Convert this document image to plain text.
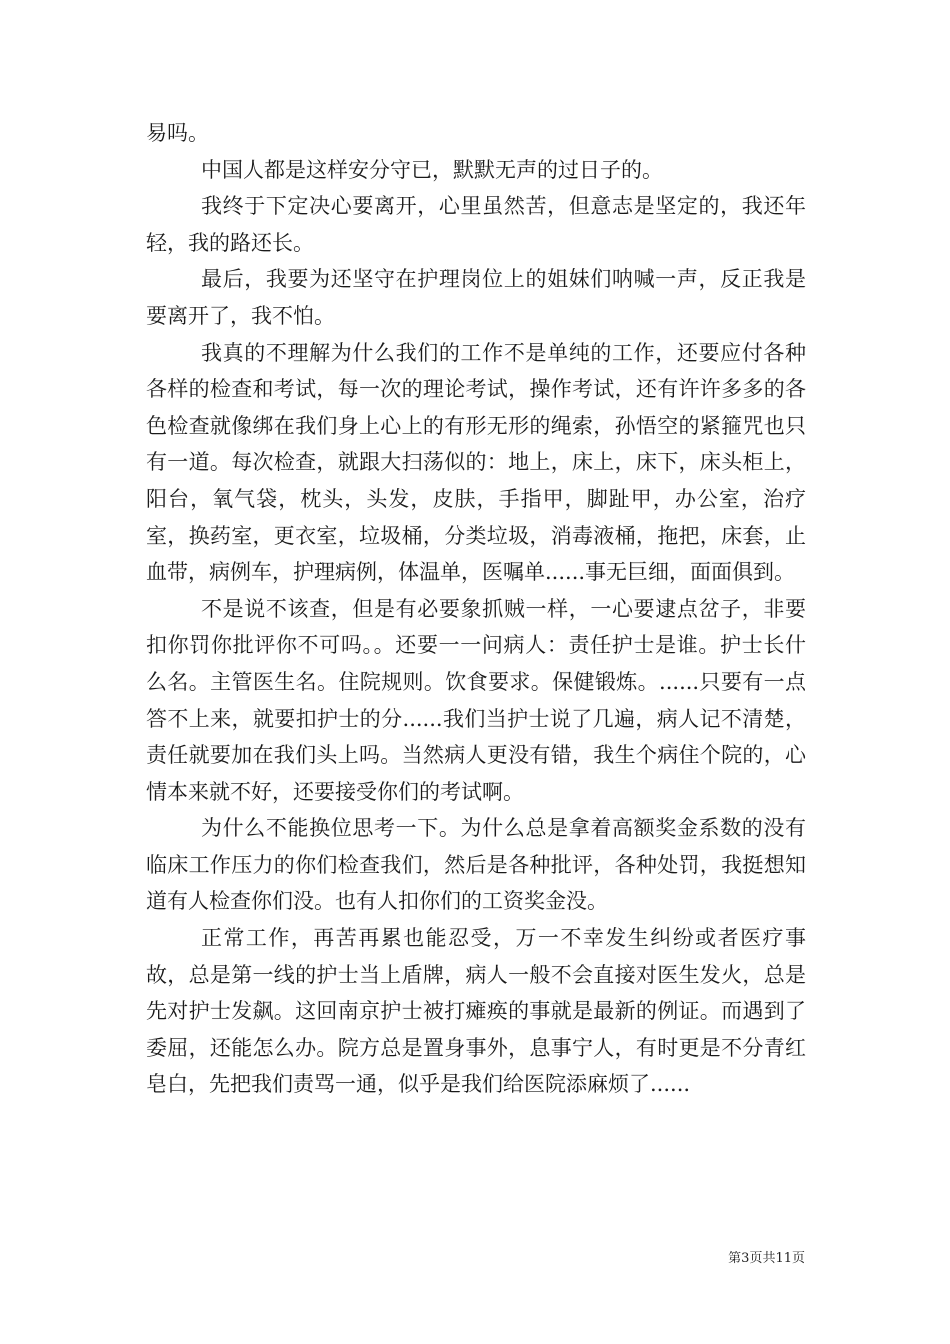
易吗。

中国人都是这样安分守已，默默无声的过日子的。

我终于下定决心要离开，心里虽然苦，但意志是坚定的，我还年轻，我的路还长。

最后，我要为还坚守在护理岗位上的姐妹们呐喊一声，反正我是要离开了，我不怕。

我真的不理解为什么我们的工作不是单纯的工作，还要应付各种各样的检查和考试，每一次的理论考试，操作考试，还有许许多多的各色检查就像绑在我们身上心上的有形无形的绳索，孙悟空的紧箍咒也只有一道。每次检查，就跟大扫荡似的：地上，床上，床下，床头柜上，阳台，氧气袋，枕头，头发，皮肤，手指甲，脚趾甲，办公室，治疗室，换药室，更衣室，垃圾桶，分类垃圾，消毒液桶，拖把，床套，止血带，病例车，护理病例，体温单，医嘱单......事无巨细，面面俱到。

不是说不该查，但是有必要象抓贼一样，一心要逮点岔子，非要扣你罚你批评你不可吗。。还要一一问病人：责任护士是谁。护士长什么名。主管医生名。住院规则。饮食要求。保健锻炼。......只要有一点答不上来，就要扣护士的分......我们当护士说了几遍，病人记不清楚，责任就要加在我们头上吗。当然病人更没有错，我生个病住个院的，心情本来就不好，还要接受你们的考试啊。

为什么不能换位思考一下。为什么总是拿着高额奖金系数的没有临床工作压力的你们检查我们，然后是各种批评，各种处罚，我挺想知道有人检查你们没。也有人扣你们的工资奖金没。

正常工作，再苦再累也能忍受，万一不幸发生纠纷或者医疗事故，总是第一线的护士当上盾牌，病人一般不会直接对医生发火，总是先对护士发飙。这回南京护士被打瘫痪的事就是最新的例证。而遇到了委屈，还能怎么办。院方总是置身事外，息事宁人，有时更是不分青红皂白，先把我们责骂一通，似乎是我们给医院添麻烦了......

第3页共11页
